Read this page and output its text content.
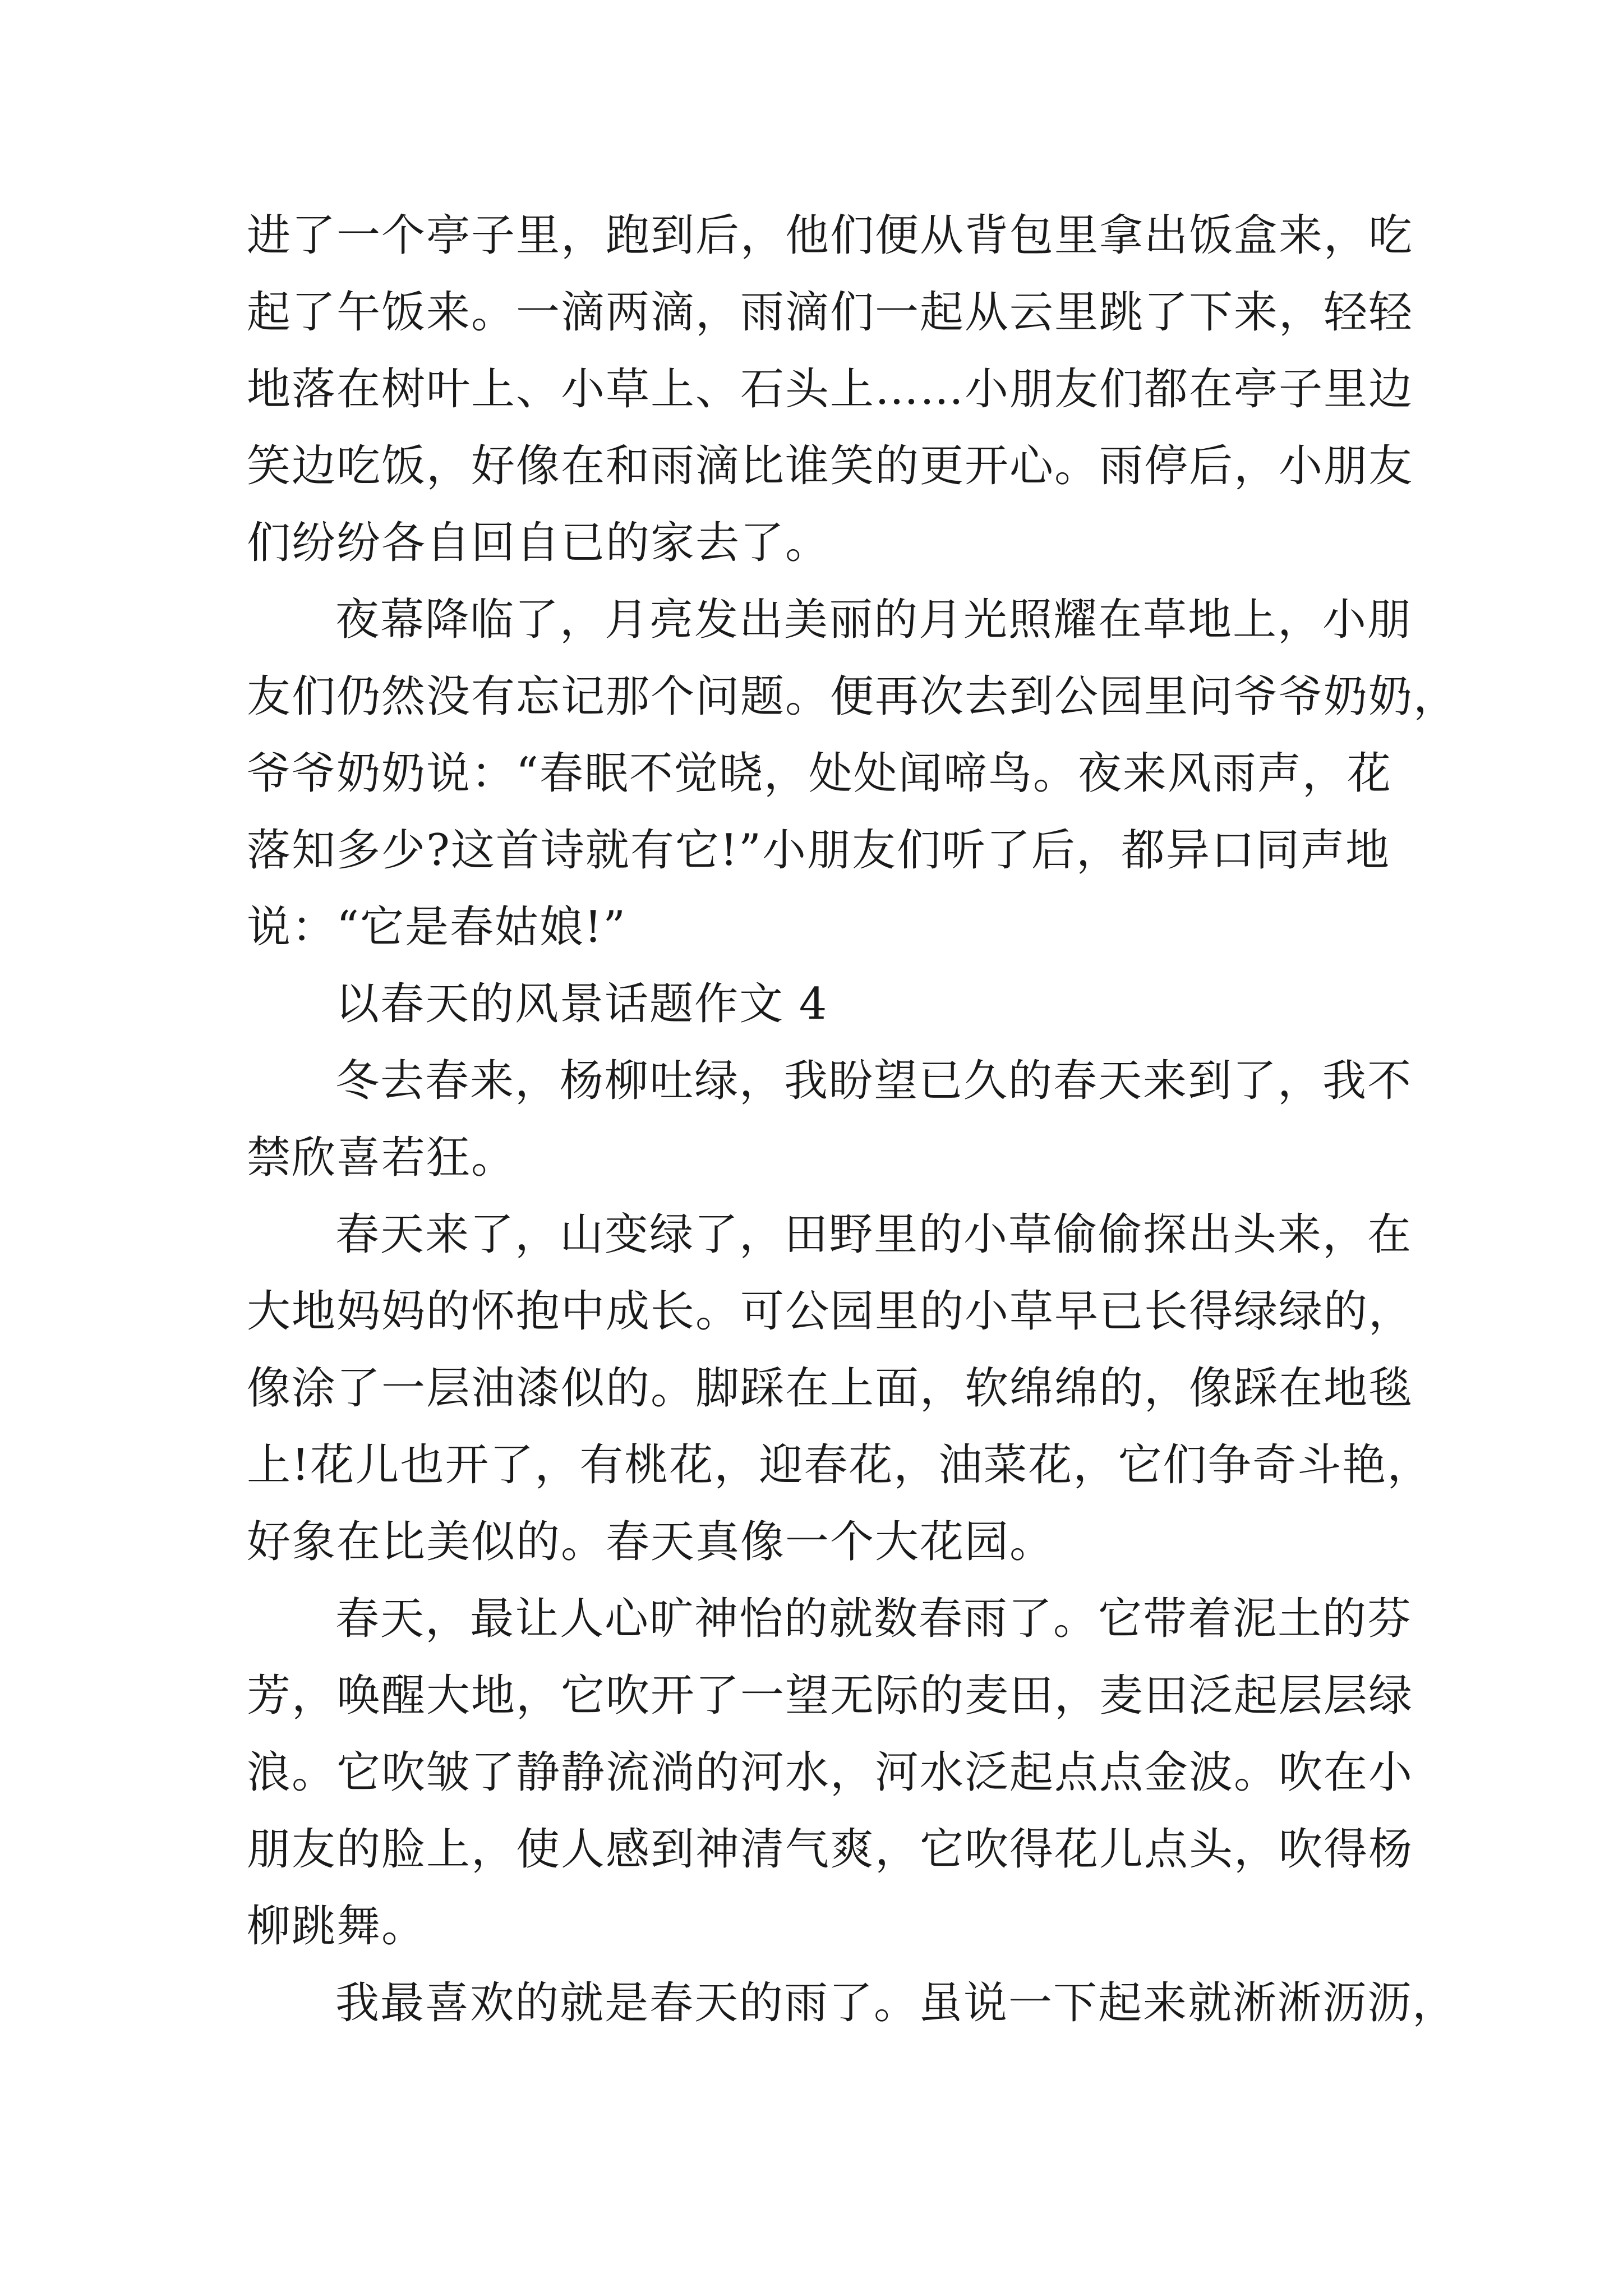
进了一个亭子里，跑到后，他们便从背包里拿出饭盒来，吃
起了午饭来。一滴两滴，雨滴们一起从云里跳了下来，轻轻
地落在树叶上、小草上、石头上……小朋友们都在亭子里边
笑边吃饭，好像在和雨滴比谁笑的更开心。雨停后，小朋友
们纷纷各自回自已的家去了。
夜幕降临了，月亮发出美丽的月光照耀在草地上，小朋
友们仍然没有忘记那个问题。便再次去到公园里问爷爷奶奶，
爷爷奶奶说：“春眠不觉晓，处处闻啼鸟。夜来风雨声，花
落知多少?这首诗就有它!”小朋友们听了后，都异口同声地
说：“它是春姑娘!”
以春天的风景话题作文 4
冬去春来，杨柳吐绿，我盼望已久的春天来到了，我不
禁欣喜若狂。
春天来了，山变绿了，田野里的小草偷偷探出头来，在
大地妈妈的怀抱中成长。可公园里的小草早已长得绿绿的，
像涂了一层油漆似的。脚踩在上面，软绵绵的，像踩在地毯
上!花儿也开了，有桃花，迎春花，油菜花，它们争奇斗艳，
好象在比美似的。春天真像一个大花园。
春天，最让人心旷神怡的就数春雨了。它带着泥土的芬
芳，唤醒大地，它吹开了一望无际的麦田，麦田泛起层层绿
浪。它吹皱了静静流淌的河水，河水泛起点点金波。吹在小
朋友的脸上，使人感到神清气爽，它吹得花儿点头，吹得杨
柳跳舞。
我最喜欢的就是春天的雨了。虽说一下起来就淅淅沥沥，
